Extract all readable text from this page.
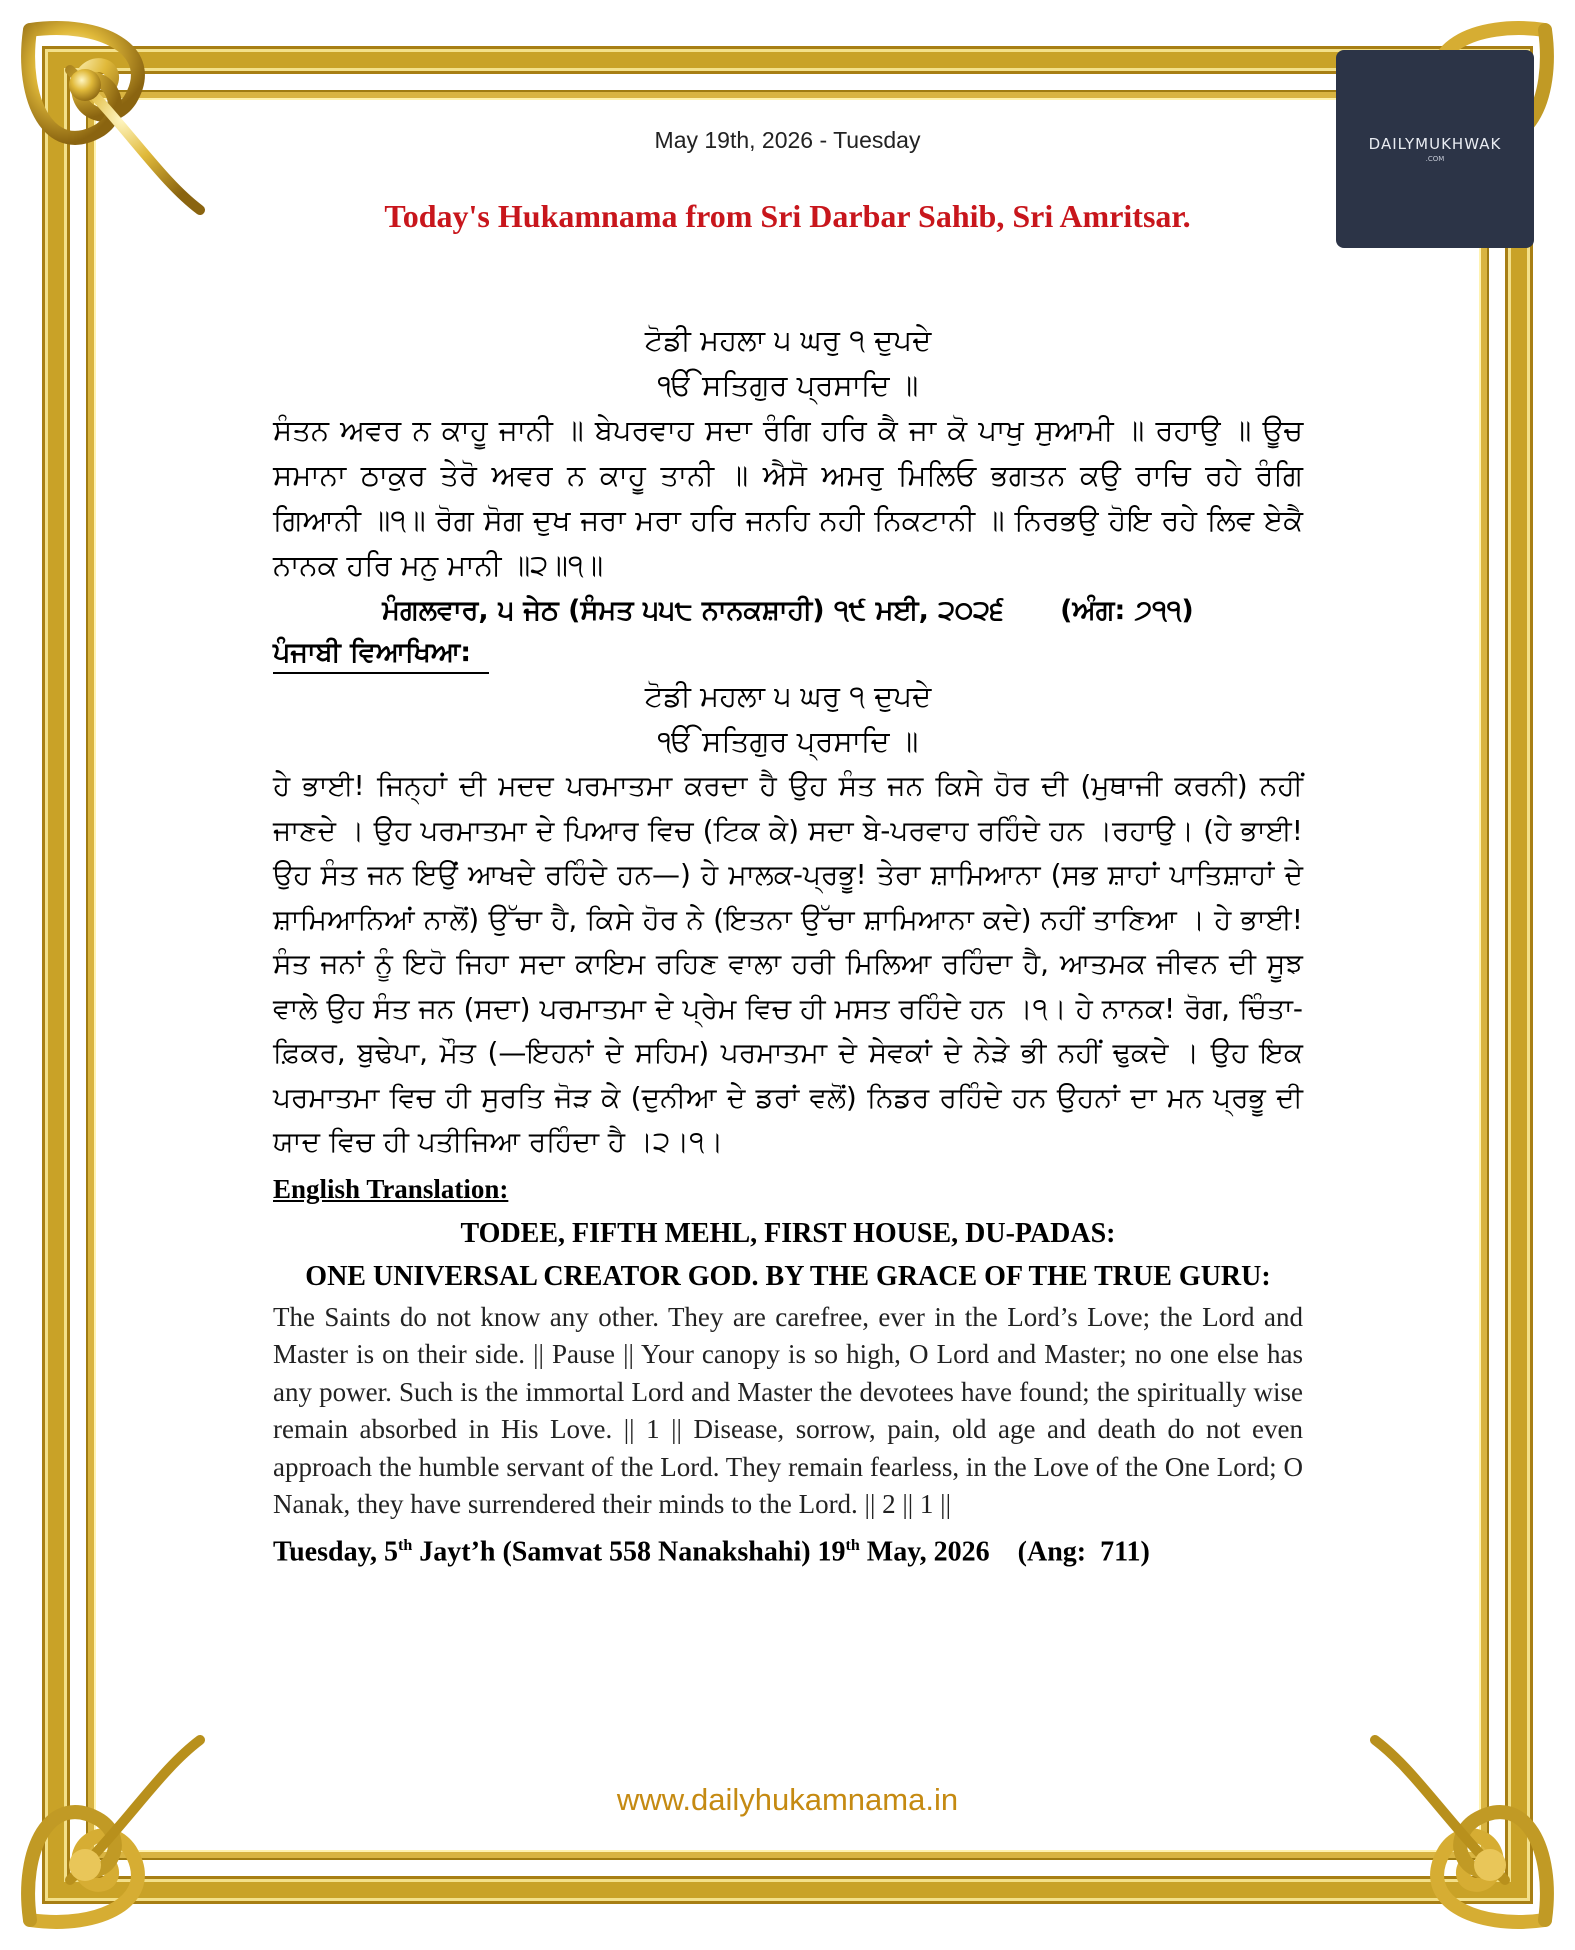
DAILYMUKHWAK
.COM
May 19th, 2026 - Tuesday
Today's Hukamnama from Sri Darbar Sahib, Sri Amritsar.
ਟੋਡੀ ਮਹਲਾ ੫ ਘਰੁ ੧ ਦੁਪਦੇ
ੴ ਸਤਿਗੁਰ ਪ੍ਰਸਾਦਿ ॥
ਸੰਤਨ ਅਵਰ ਨ ਕਾਹੂ ਜਾਨੀ ॥ ਬੇਪਰਵਾਹ ਸਦਾ ਰੰਗਿ ਹਰਿ ਕੈ ਜਾ ਕੋ ਪਾਖੁ ਸੁਆਮੀ ॥ ਰਹਾਉ ॥ ਊਚ ਸਮਾਨਾ ਠਾਕੁਰ ਤੇਰੋ ਅਵਰ ਨ ਕਾਹੂ ਤਾਨੀ ॥ ਐਸੋ ਅਮਰੁ ਮਿਲਿਓ ਭਗਤਨ ਕਉ ਰਾਚਿ ਰਹੇ ਰੰਗਿ ਗਿਆਨੀ ॥੧॥ ਰੋਗ ਸੋਗ ਦੁਖ ਜਰਾ ਮਰਾ ਹਰਿ ਜਨਹਿ ਨਹੀ ਨਿਕਟਾਨੀ ॥ ਨਿਰਭਉ ਹੋਇ ਰਹੇ ਲਿਵ ਏਕੈ ਨਾਨਕ ਹਰਿ ਮਨੁ ਮਾਨੀ ॥੨॥੧॥
ਮੰਗਲਵਾਰ, ੫ ਜੇਠ (ਸੰਮਤ ੫੫੮ ਨਾਨਕਸ਼ਾਹੀ) ੧੯ ਮਈ, ੨੦੨੬      (ਅੰਗ: ੭੧੧)
ਪੰਜਾਬੀ ਵਿਆਖਿਆ:
ਟੋਡੀ ਮਹਲਾ ੫ ਘਰੁ ੧ ਦੁਪਦੇ
ੴ ਸਤਿਗੁਰ ਪ੍ਰਸਾਦਿ ॥
ਹੇ ਭਾਈ! ਜਿਨ੍ਹਾਂ ਦੀ ਮਦਦ ਪਰਮਾਤਮਾ ਕਰਦਾ ਹੈ ਉਹ ਸੰਤ ਜਨ ਕਿਸੇ ਹੋਰ ਦੀ (ਮੁਥਾਜੀ ਕਰਨੀ) ਨਹੀਂ ਜਾਣਦੇ । ਉਹ ਪਰਮਾਤਮਾ ਦੇ ਪਿਆਰ ਵਿਚ (ਟਿਕ ਕੇ) ਸਦਾ ਬੇ-ਪਰਵਾਹ ਰਹਿੰਦੇ ਹਨ ।ਰਹਾਉ। (ਹੇ ਭਾਈ! ਉਹ ਸੰਤ ਜਨ ਇਉਂ ਆਖਦੇ ਰਹਿੰਦੇ ਹਨ—) ਹੇ ਮਾਲਕ-ਪ੍ਰਭੂ! ਤੇਰਾ ਸ਼ਾਮਿਆਨਾ (ਸਭ ਸ਼ਾਹਾਂ ਪਾਤਿਸ਼ਾਹਾਂ ਦੇ ਸ਼ਾਮਿਆਨਿਆਂ ਨਾਲੋਂ) ਉੱਚਾ ਹੈ, ਕਿਸੇ ਹੋਰ ਨੇ (ਇਤਨਾ ਉੱਚਾ ਸ਼ਾਮਿਆਨਾ ਕਦੇ) ਨਹੀਂ ਤਾਣਿਆ । ਹੇ ਭਾਈ! ਸੰਤ ਜਨਾਂ ਨੂੰ ਇਹੋ ਜਿਹਾ ਸਦਾ ਕਾਇਮ ਰਹਿਣ ਵਾਲਾ ਹਰੀ ਮਿਲਿਆ ਰਹਿੰਦਾ ਹੈ, ਆਤਮਕ ਜੀਵਨ ਦੀ ਸੂਝ ਵਾਲੇ ਉਹ ਸੰਤ ਜਨ (ਸਦਾ) ਪਰਮਾਤਮਾ ਦੇ ਪ੍ਰੇਮ ਵਿਚ ਹੀ ਮਸਤ ਰਹਿੰਦੇ ਹਨ ।੧। ਹੇ ਨਾਨਕ! ਰੋਗ, ਚਿੰਤਾ-ਫ਼ਿਕਰ, ਬੁਢੇਪਾ, ਮੌਤ (—ਇਹਨਾਂ ਦੇ ਸਹਿਮ) ਪਰਮਾਤਮਾ ਦੇ ਸੇਵਕਾਂ ਦੇ ਨੇੜੇ ਭੀ ਨਹੀਂ ਢੁਕਦੇ । ਉਹ ਇਕ ਪਰਮਾਤਮਾ ਵਿਚ ਹੀ ਸੁਰਤਿ ਜੋੜ ਕੇ (ਦੁਨੀਆ ਦੇ ਡਰਾਂ ਵਲੋਂ) ਨਿਡਰ ਰਹਿੰਦੇ ਹਨ ਉਹਨਾਂ ਦਾ ਮਨ ਪ੍ਰਭੂ ਦੀ ਯਾਦ ਵਿਚ ਹੀ ਪਤੀਜਿਆ ਰਹਿੰਦਾ ਹੈ ।੨।੧।
English Translation:
TODEE, FIFTH MEHL, FIRST HOUSE, DU-PADAS:
ONE UNIVERSAL CREATOR GOD. BY THE GRACE OF THE TRUE GURU:
The Saints do not know any other. They are carefree, ever in the Lord’s Love; the Lord and Master is on their side. || Pause || Your canopy is so high, O Lord and Master; no one else has any power. Such is the immortal Lord and Master the devotees have found; the spiritually wise remain absorbed in His Love. || 1 || Disease, sorrow, pain, old age and death do not even approach the humble servant of the Lord. They remain fearless, in the Love of the One Lord; O Nanak, they have surrendered their minds to the Lord. || 2 || 1 ||
Tuesday, 5th Jayt’h (Samvat 558 Nanakshahi) 19th May, 2026    (Ang:  711)
www.dailyhukamnama.in
